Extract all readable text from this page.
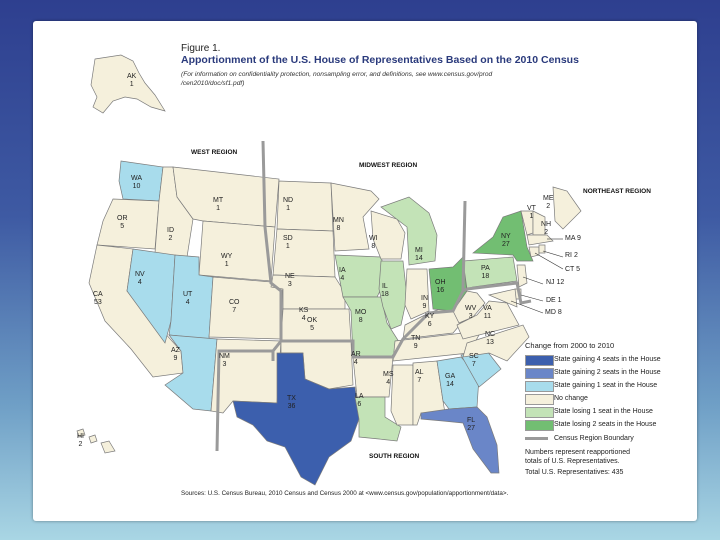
Figure 1.
Apportionment of the U.S. House of Representatives Based on the 2010 Census
(For information on confidentiality protection, nonsampling error, and definitions, see www.census.gov/prod
/cen2010/doc/sf1.pdf)
WEST REGION
MIDWEST REGION
NORTHEAST REGION
SOUTH REGION
AK
1
WA
10
OR
5
CA
53
ID
2
NV
4
MT
1
WY
1
UT
4
AZ
9
CO
7
NM
3
ND
1
SD
1
NE
3
KS
4 OK
5
TX
36
MN
8
IA
4
MO
8
AR
4
LA
6
WI
8
IL
18
MS
4
MI
14
IN
9
KY
6
TN
9
AL
7
OH
16
GA
14
FL
27
SC
7
NC
13
VA
11
WV
3
PA
18
NY
27
ME
2
VT
1
NH
2
HI
2
MA 9
RI 2
CT 5
NJ 12
DE 1
MD 8
Change from 2000 to 2010
State gaining 4 seats in the House
State gaining 2 seats in the House
State gaining 1 seat in the House
No change
State losing 1 seat in the House
State losing 2 seats in the House
Census Region Boundary
Numbers represent reapportioned
totals of U.S. Representatives.
Total U.S. Representatives: 435
Sources: U.S. Census Bureau, 2010 Census and Census 2000 at <www.census.gov/population/apportionment/data>.
